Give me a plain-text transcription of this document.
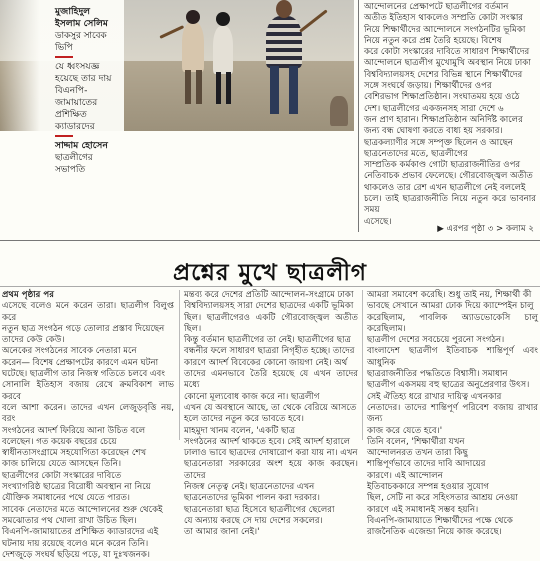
মুজাহিদুল ইসলাম সেলিম
ডাকসুর সাবেক ভিপি
যে ধ্বংসযজ্ঞ হয়েছে তার দায় বিএনপি-জামায়াতের প্রশিক্ষিত ক্যাডারদের
সাদ্দাম হোসেন
ছাত্রলীগের সভাপতি

আন্দোলনের প্রেক্ষাপটে ছাত্রলীগের বর্তমান

অতীত ইতিহাস থাকলেও সম্প্রতি কোটা সংস্কার

নিয়ে শিক্ষার্থীদের আন্দোলনে সংগঠনটির ভূমিকা

নিয়ে নতুন করে প্রশ্ন তৈরি হয়েছে। বিশেষ

করে কোটা সংস্কারের দাবিতে সাধারণ শিক্ষার্থীদের

আন্দোলনে ছাত্রলীগ মুখোমুখি অবস্থান নিয়ে ঢাকা

বিশ্ববিদ্যালয়সহ দেশের বিভিন্ন স্থানে শিক্ষার্থীদের

সঙ্গে সংঘর্ষে জড়ায়। শিক্ষার্থীদের ওপর

বেশিরভাগ শিক্ষাপ্রতিষ্ঠান। সংঘাতময় হয়ে ওঠে

দেশ। ছাত্রলীগের একজনসহ সারা দেশে ৬

জন প্রাণ হারান। শিক্ষাপ্রতিষ্ঠান অনির্দিষ্ট কালের

জন্য বন্ধ ঘোষণা করতে বাধ্য হয় সরকার।

ছাত্রকল্যাণীর সঙ্গে সম্পৃক্ত ছিলেন ও আছেন

ছাত্রনেতাদের মতে, ছাত্রলীগের

সাম্প্রতিক কর্মকাণ্ড গোটা ছাত্ররাজনীতির ওপর

নেতিবাচক প্রভাব ফেলেছে। গৌরবোজ্জ্বল অতীত

থাকলেও তার রেশ এখন ছাত্রলীগে নেই বললেই

চলে। তাই ছাত্ররাজনীতি নিয়ে নতুন করে ভাবনার সময়

এসেছে।

▶ এরপর পৃষ্ঠা ৩ > কলাম ২
প্রশ্নের মুখে ছাত্রলীগ

প্রথম পৃষ্ঠার পর

এসেছে বলেও মনে করেন তারা। ছাত্রলীগ বিলুপ্ত করে

নতুন ছাত্র সংগঠন গড়ে তোলার প্রস্তাব দিয়েছেন

তাদের কেউ কেউ।

অনেকের সংগঠনের সাবেক নেতারা মনে

করেন— বিশেষ প্রেক্ষাপটের কারণে এমন ঘটনা

ঘটেছে। ছাত্রলীগ তার নিজস্ব গতিতে চলবে এবং

সোনালি ইতিহাস বজায় রেখে ক্রমবিকাশ লাভ করবে

বলে আশা করেন। তাদের এখন লেজুড়বৃত্তি নয়, বরং

সংগঠনের আদর্শ ফিরিয়ে আনা উচিত বলে

বলেছেন। গত কয়েক বছরের চেয়ে

স্বাধীনতাসংগ্রামে সহযোগিতা করেছেন শেখ

কাজ চালিয়ে যেতে আসছেন তিনি।

ছাত্রলীগের কোটা সংস্কারের দাবিতে

সংখ্যাগরিষ্ঠ ছাত্রের বিরোধী অবস্থান না নিয়ে

যৌক্তিক সমাধানের পথে যেতে পারত।

সাবেক নেতাদের মতে আন্দোলনের শুরু থেকেই

সমঝোতার পথ খোলা রাখা উচিত ছিল।

বিএনপি-জামায়াতের প্রশিক্ষিত ক্যাডারদের এই

ঘটনায় দায় রয়েছে বলেও মনে করেন তিনি।

দেশজুড়ে সংঘর্ষ ছড়িয়ে পড়ে, যা দুঃখজনক।

মন্তব্য করে দেশের প্রতিটি আন্দোলন-সংগ্রামে ঢাকা

বিশ্ববিদ্যালয়সহ সারা দেশের ছাত্রদের একটি ভূমিকা

ছিল। ছাত্রলীগেরও একটি গৌরবোজ্জ্বল অতীত ছিল।

কিন্তু বর্তমান ছাত্রলীগের তা নেই। ছাত্রলীগের ছাত্র

বন্ধনীর ফলে সাধারণ ছাত্ররা নিগৃহীত হচ্ছে। তাদের

কারণে আদর্শ বিবেকের কোনো জায়গা নেই। অর্থ

তাদের এমনভাবে তৈরি হয়েছে যে এখন তাদের মধ্যে

কোনো মূল্যবোধ কাজ করে না। ছাত্রলীগ

এখন যে অবস্থানে আছে, তা থেকে বেরিয়ে আসতে

হলে তাদের নতুন করে ভাবতে হবে।

মাহমুদা খানম বলেন, 'একটি ছাত্র

সংগঠনের আদর্শ থাকতে হবে। সেই আদর্শ হারালে

ঢালাও ভাবে ছাত্রদের দোষারোপ করা যায় না। এখন

ছাত্রনেতারা সরকারের অংশ হয়ে কাজ করছেন। তাদের

নিজস্ব নেতৃত্ব নেই। ছাত্রনেতাদের এখন

ছাত্রনেতাদের ভূমিকা পালন করা দরকার।

ছাত্রনেতারা ছাত্র হিসেবে ছাত্রলীগের ছেলেরা

যে অন্যায় করছে সে দায় দেশের সকলের।

তা আমার জানা নেই।'

আমরা সমাবেশ করেছি। শুধু তাই নয়, শিক্ষার্থী কী

ভাবছে সেখানে আমরা ঢোক দিয়ে ক্যাম্পেইন চালু

করেছিলাম, পাবলিক অ্যাডভোকেসি চালু করেছিলাম।

ছাত্রলীগ দেশের সবচেয়ে পুরনো সংগঠন।

বাংলাদেশ ছাত্রলীগ ইতিবাচক শান্তিপূর্ণ এবং আধুনিক

ছাত্ররাজনীতির পদ্ধতিতে বিশ্বাসী। সমাধান

ছাত্রলীগ একসময় বহু ছাত্রের অনুপ্রেরণার উৎস।

সেই ঐতিহ্য ধরে রাখার দায়িত্ব এখনকার

নেতাদের। তাদের শান্তিপূর্ণ পরিবেশ বজায় রাখার জন্য

কাজ করে যেতে হবে।'

তিনি বলেন, 'শিক্ষার্থীরা যখন

আন্দোলনরত তখন তারা কিছু

শান্তিপূর্ণভাবে তাদের দাবি আদায়ের

কারণে। এই আন্দোলন

ইতিবাচককারে সম্পন্ন হওয়ার সুযোগ

ছিল, সেটি না করে সহিংসতার আশ্রয় নেওয়া

কারণে এই সমাধানই সম্ভব হয়নি।

বিএনপি-জামায়াতে শিক্ষার্থীদের পক্ষে থেকে

রাজনৈতিক এজেন্ডা নিয়ে কাজ করেছে।
